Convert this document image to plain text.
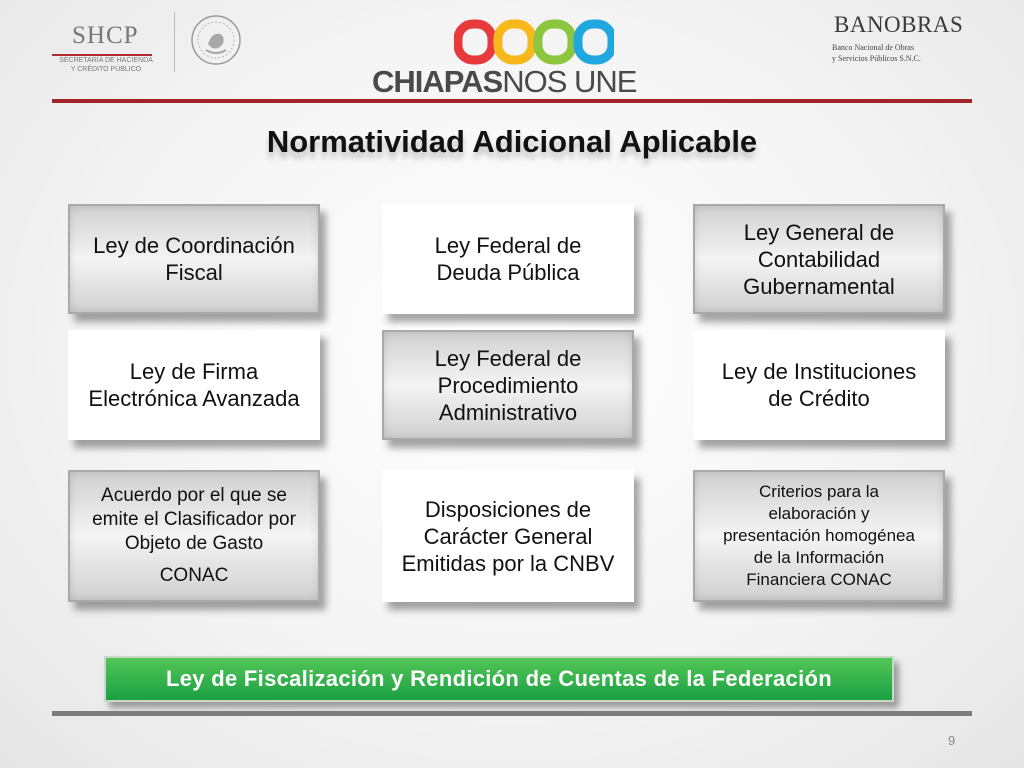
SHCP
SECRETARÍA DE HACIENDA
Y CRÉDITO PÚBLICO	CHIAPASNOS UNE
BANOBRAS
Banco Nacional de Obras
y Servicios Públicos S.N.C.
Normatividad Adicional Aplicable
Ley de Coordinación
Fiscal
Ley Federal de
Deuda Pública
Ley General de
Contabilidad
Gubernamental
Ley de Firma
Electrónica Avanzada
Ley Federal de
Procedimiento
Administrativo
Ley de Instituciones
de Crédito
Acuerdo por el que se
emite el Clasificador por
Objeto de Gasto
CONAC
Disposiciones de
Carácter General
Emitidas por la CNBV
Criterios para la
elaboración y
presentación homogénea
de la Información
Financiera CONAC
Ley de Fiscalización y Rendición de Cuentas de la Federación
9
